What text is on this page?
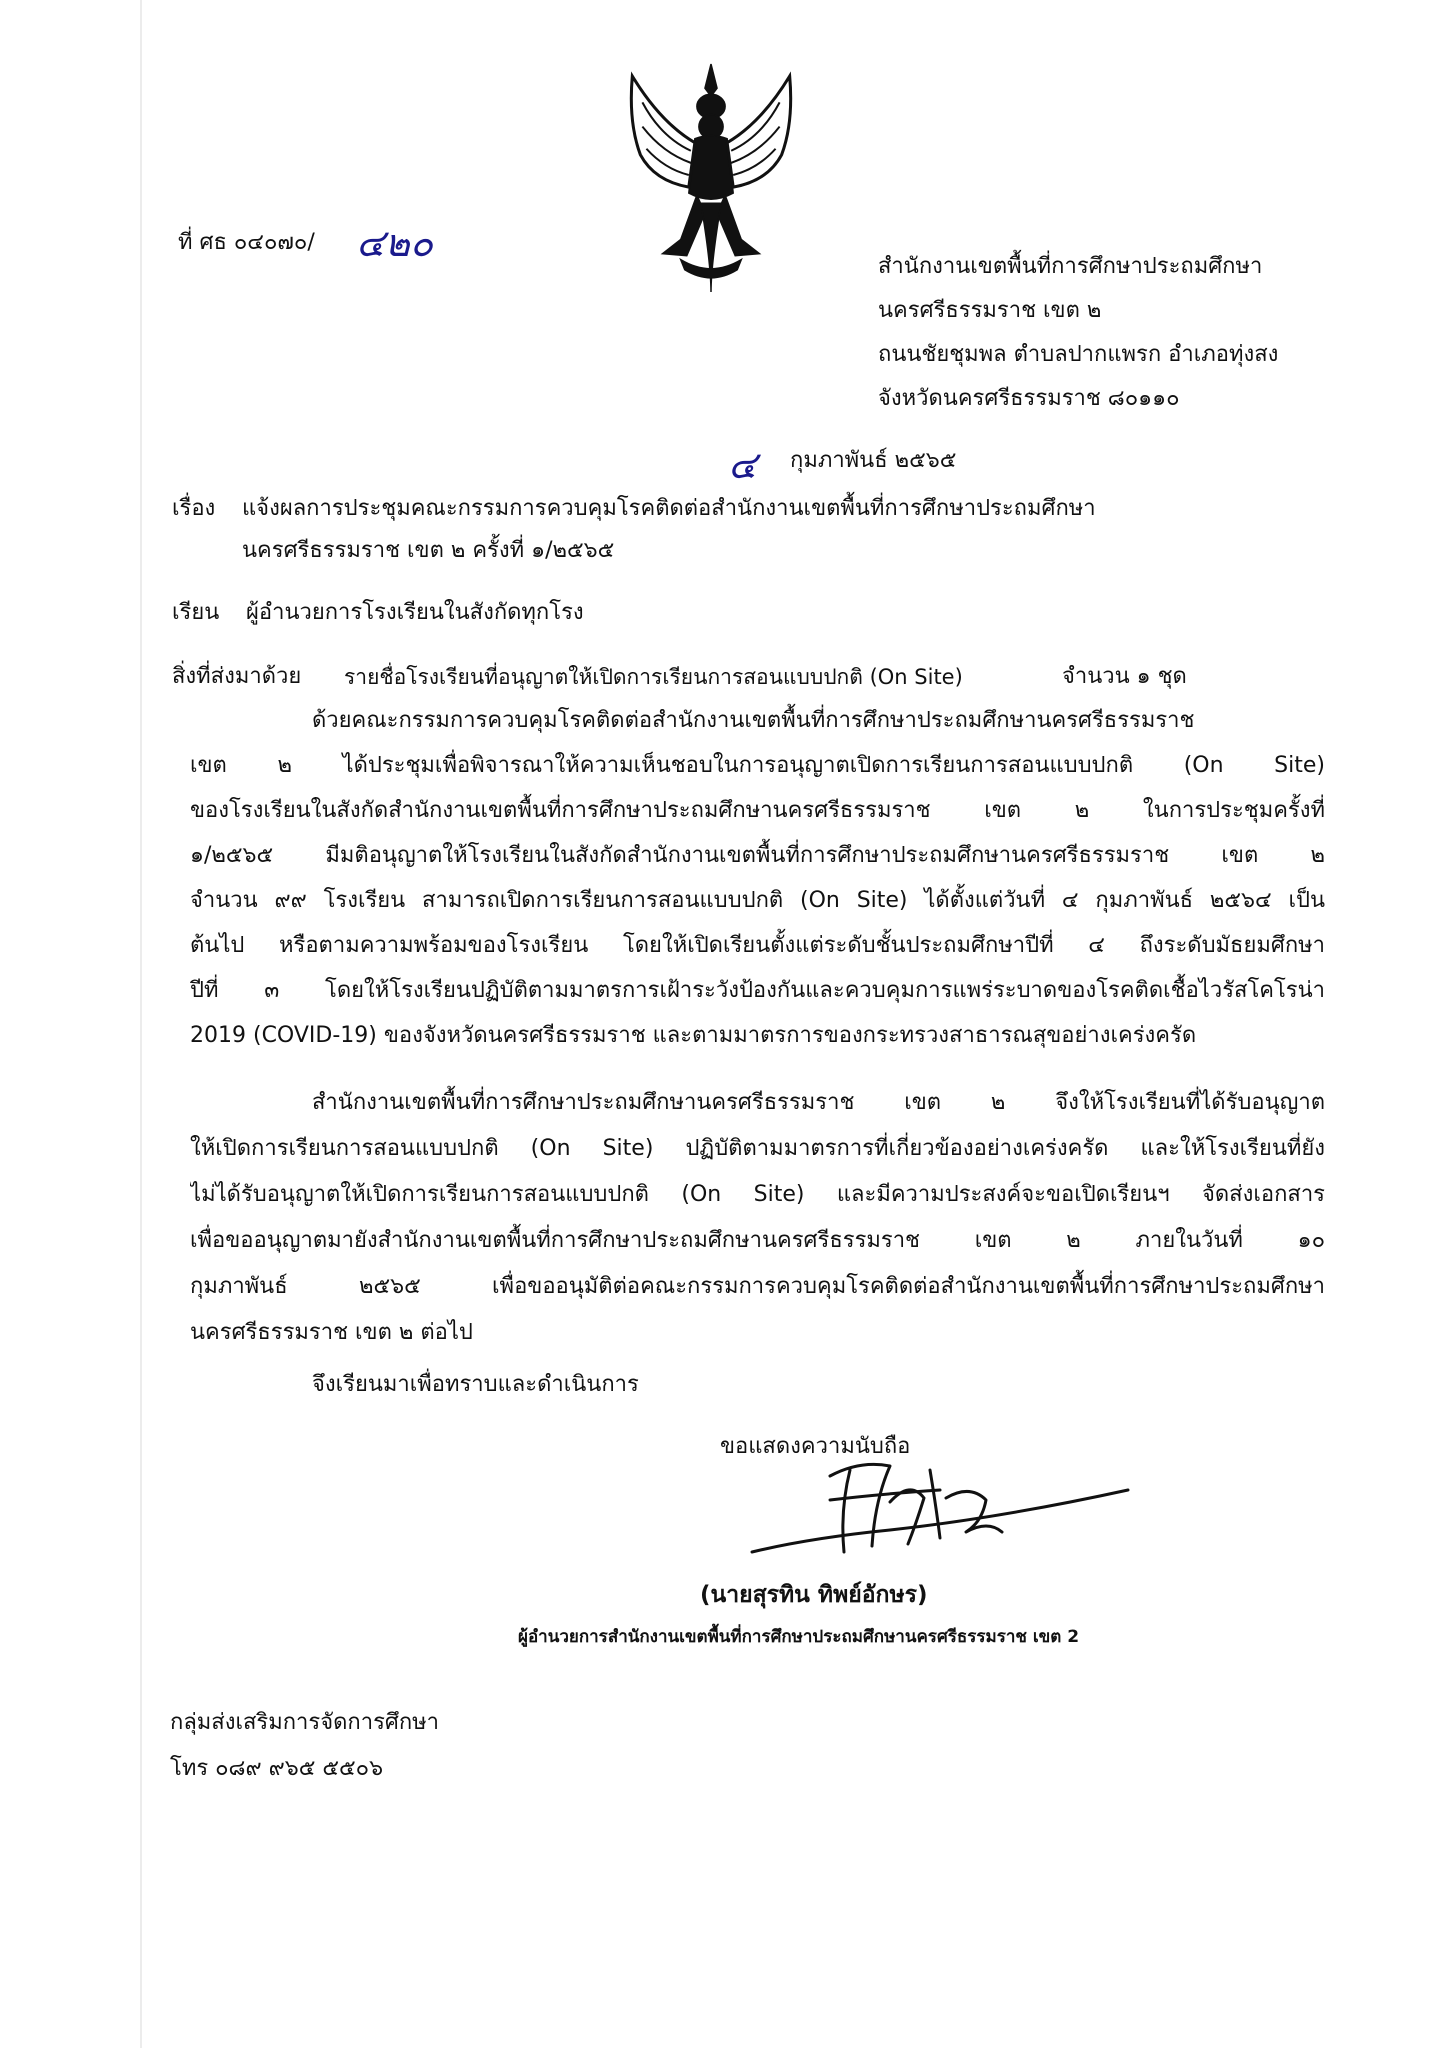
ที่ ศธ ๐๔๐๗๐/ ๔๒๐
สำนักงานเขตพื้นที่การศึกษาประถมศึกษา
นครศรีธรรมราช เขต ๒
ถนนชัยชุมพล ตำบลปากแพรก อำเภอทุ่งสง
จังหวัดนครศรีธรรมราช ๘๐๑๑๐
๔ กุมภาพันธ์ ๒๕๖๕
เรื่อง แจ้งผลการประชุมคณะกรรมการควบคุมโรคติดต่อสำนักงานเขตพื้นที่การศึกษาประถมศึกษา
นครศรีธรรมราช เขต ๒ ครั้งที่ ๑/๒๕๖๕
เรียน ผู้อำนวยการโรงเรียนในสังกัดทุกโรง
สิ่งที่ส่งมาด้วย รายชื่อโรงเรียนที่อนุญาตให้เปิดการเรียนการสอนแบบปกติ (On Site)	จำนวน ๑ ชุด
ด้วยคณะกรรมการควบคุมโรคติดต่อสำนักงานเขตพื้นที่การศึกษาประถมศึกษานครศรีธรรมราช
เขต ๒ ได้ประชุมเพื่อพิจารณาให้ความเห็นชอบในการอนุญาตเปิดการเรียนการสอนแบบปกติ (On Site)
ของโรงเรียนในสังกัดสำนักงานเขตพื้นที่การศึกษาประถมศึกษานครศรีธรรมราช เขต ๒ ในการประชุมครั้งที่
๑/๒๕๖๕ มีมติอนุญาตให้โรงเรียนในสังกัดสำนักงานเขตพื้นที่การศึกษาประถมศึกษานครศรีธรรมราช เขต ๒
จำนวน ๙๙ โรงเรียน สามารถเปิดการเรียนการสอนแบบปกติ (On Site) ได้ตั้งแต่วันที่ ๔ กุมภาพันธ์ ๒๕๖๔ เป็น
ต้นไป หรือตามความพร้อมของโรงเรียน โดยให้เปิดเรียนตั้งแต่ระดับชั้นประถมศึกษาปีที่ ๔ ถึงระดับมัธยมศึกษา
ปีที่ ๓ โดยให้โรงเรียนปฏิบัติตามมาตรการเฝ้าระวังป้องกันและควบคุมการแพร่ระบาดของโรคติดเชื้อไวรัสโคโรน่า
2019 (COVID-19) ของจังหวัดนครศรีธรรมราช และตามมาตรการของกระทรวงสาธารณสุขอย่างเคร่งครัด
สำนักงานเขตพื้นที่การศึกษาประถมศึกษานครศรีธรรมราช เขต ๒ จึงให้โรงเรียนที่ได้รับอนุญาต
ให้เปิดการเรียนการสอนแบบปกติ (On Site) ปฏิบัติตามมาตรการที่เกี่ยวข้องอย่างเคร่งครัด และให้โรงเรียนที่ยัง
ไม่ได้รับอนุญาตให้เปิดการเรียนการสอนแบบปกติ (On Site) และมีความประสงค์จะขอเปิดเรียนฯ จัดส่งเอกสาร
เพื่อขออนุญาตมายังสำนักงานเขตพื้นที่การศึกษาประถมศึกษานครศรีธรรมราช เขต ๒ ภายในวันที่ ๑๐
กุมภาพันธ์ ๒๕๖๕ เพื่อขออนุมัติต่อคณะกรรมการควบคุมโรคติดต่อสำนักงานเขตพื้นที่การศึกษาประถมศึกษา
นครศรีธรรมราช เขต ๒ ต่อไป
จึงเรียนมาเพื่อทราบและดำเนินการ
ขอแสดงความนับถือ
(นายสุรทิน ทิพย์อักษร)
ผู้อำนวยการสำนักงานเขตพื้นที่การศึกษาประถมศึกษานครศรีธรรมราช เขต 2
กลุ่มส่งเสริมการจัดการศึกษา
โทร ๐๘๙ ๙๖๕ ๕๕๐๖
